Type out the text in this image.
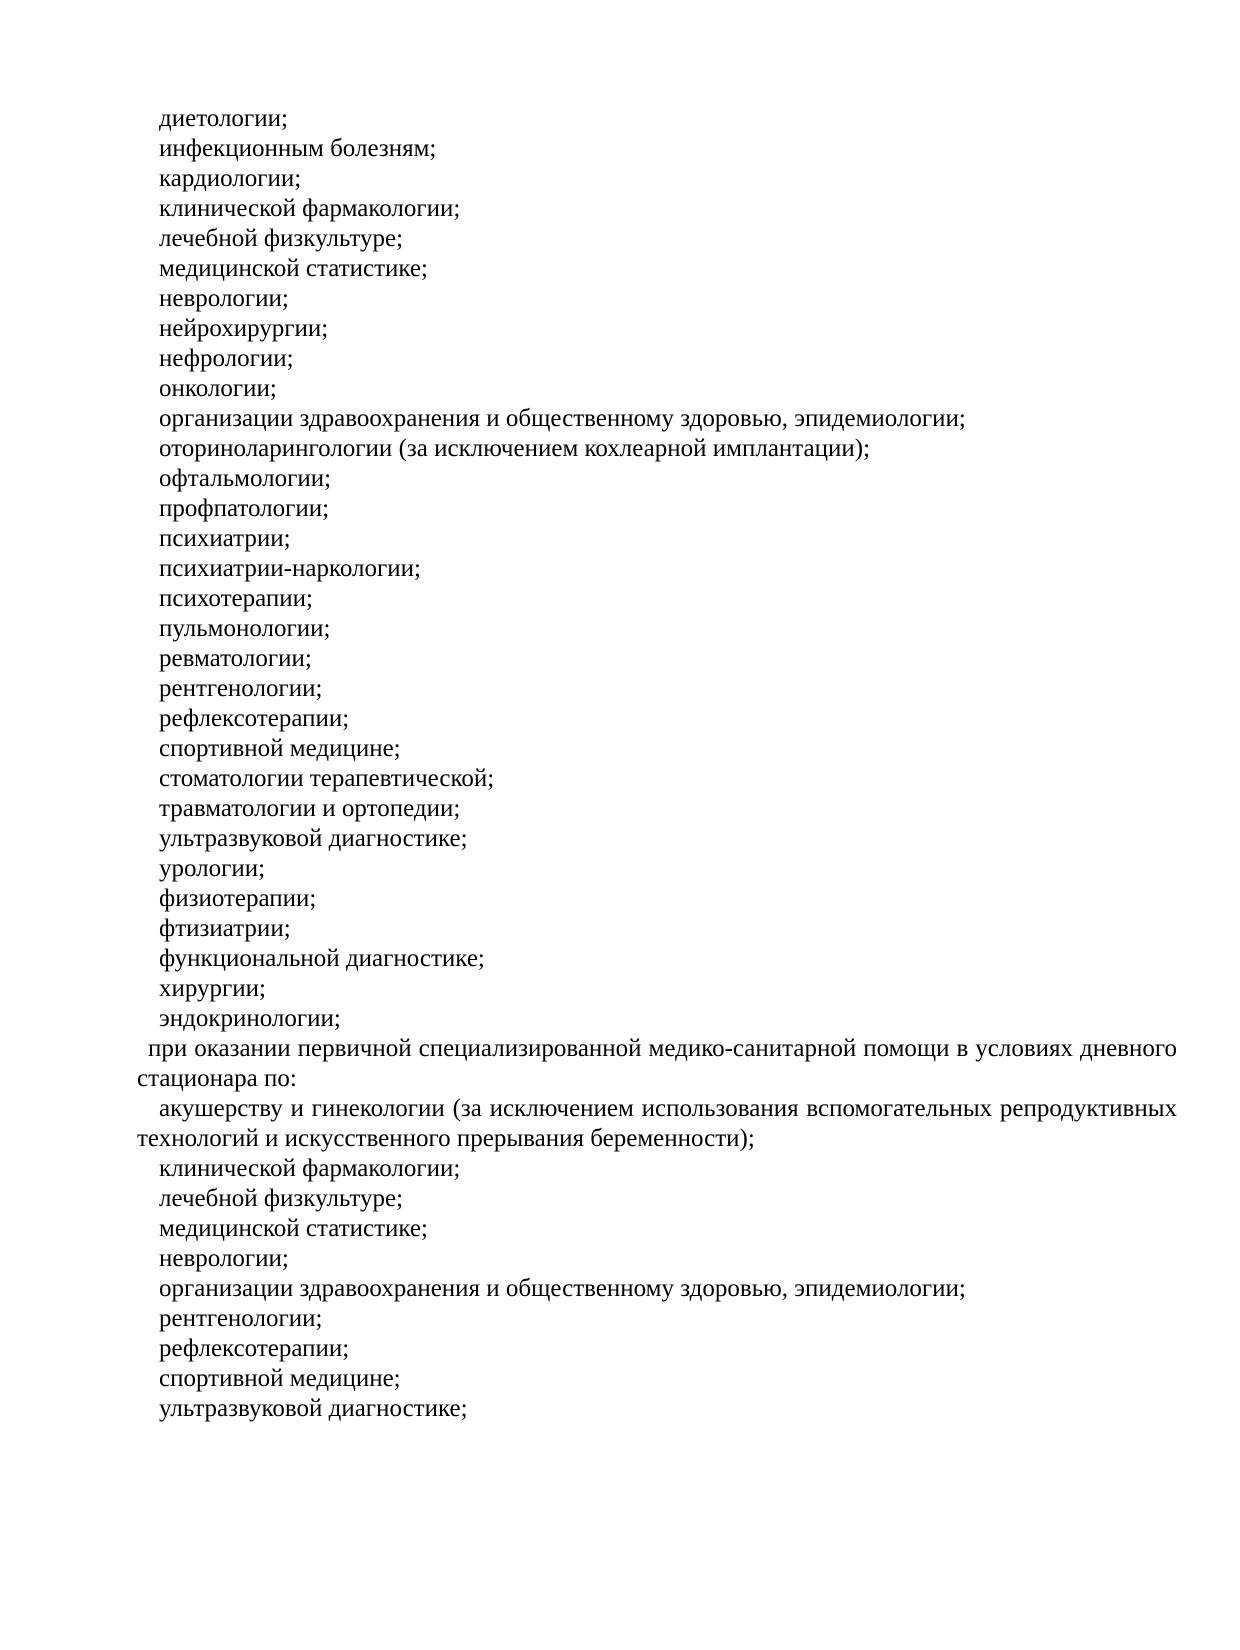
диетологии;

инфекционным болезням;

кардиологии;

клинической фармакологии;

лечебной физкультуре;

медицинской статистике;

неврологии;

нейрохирургии;

нефрологии;

онкологии;

организации здравоохранения и общественному здоровью, эпидемиологии;

оториноларингологии (за исключением кохлеарной имплантации);

офтальмологии;

профпатологии;

психиатрии;

психиатрии-наркологии;

психотерапии;

пульмонологии;

ревматологии;

рентгенологии;

рефлексотерапии;

спортивной медицине;

стоматологии терапевтической;

травматологии и ортопедии;

ультразвуковой диагностике;

урологии;

физиотерапии;

фтизиатрии;

функциональной диагностике;

хирургии;

эндокринологии;

при оказании первичной специализированной медико-санитарной помощи в условиях дневного

стационара по:

акушерству и гинекологии (за исключением использования вспомогательных репродуктивных

технологий и искусственного прерывания беременности);

клинической фармакологии;

лечебной физкультуре;

медицинской статистике;

неврологии;

организации здравоохранения и общественному здоровью, эпидемиологии;

рентгенологии;

рефлексотерапии;

спортивной медицине;

ультразвуковой диагностике;
